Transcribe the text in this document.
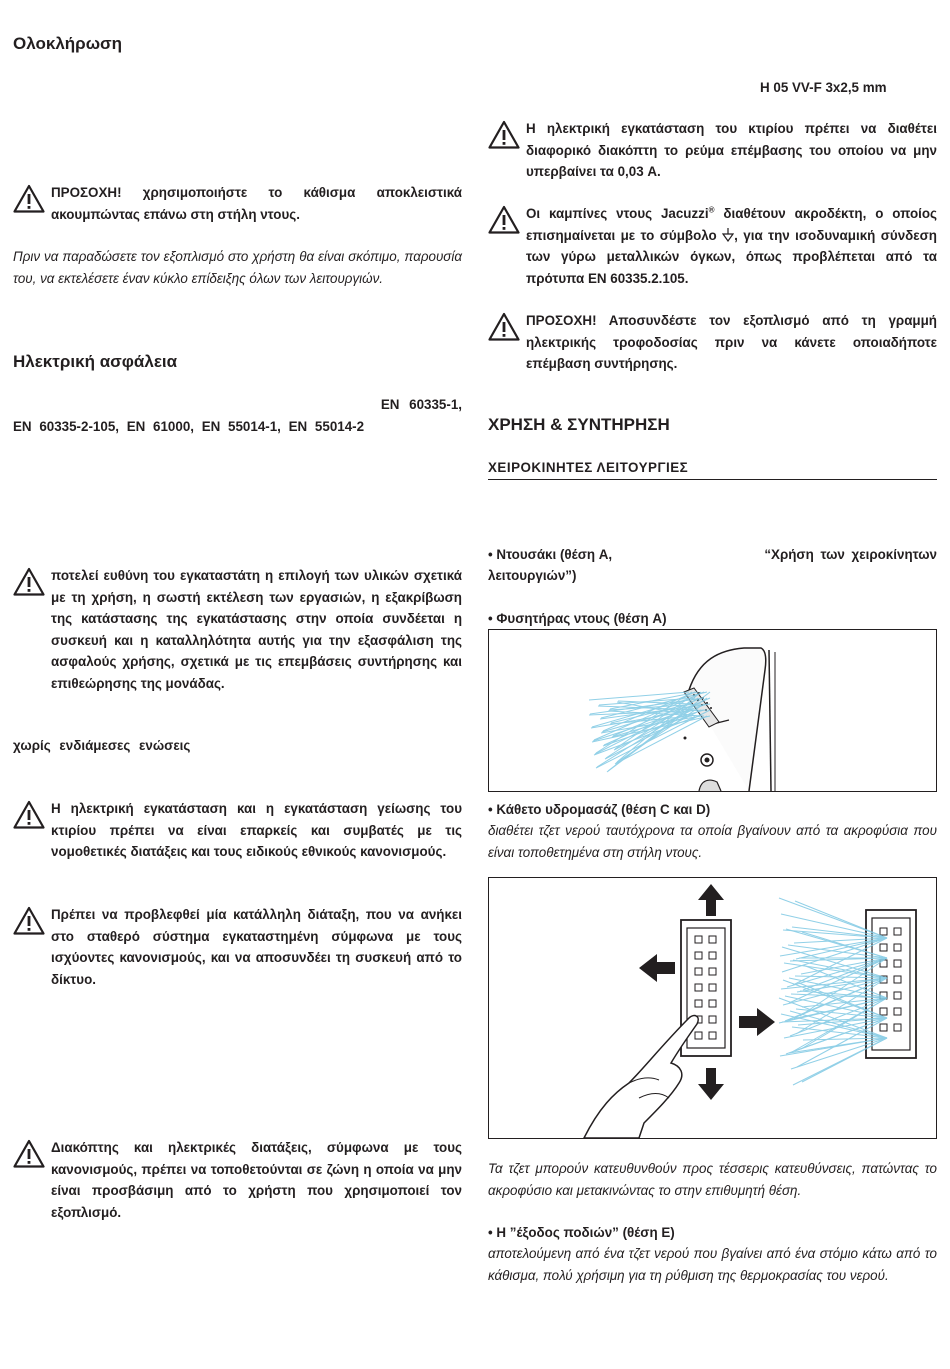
Ολοκλήρωση
ΠΡΟΣΟΧΗ! χρησιμοποιήστε το κάθισμα αποκλειστικά ακουμπώντας επάνω στη στήλη ντους.
Πριν να παραδώσετε τον εξοπλισμό στο χρήστη θα είναι σκόπιμο, παρουσία του, να εκτελέσετε έναν κύκλο επίδειξης όλων των λειτουργιών.
Ηλεκτρική ασφάλεια
EN 60335-1,
EN 60335-2-105, EN 61000, EN 55014-1, EN 55014-2
ποτελεί ευθύνη του εγκαταστάτη η επιλογή των υλικών σχετικά με τη χρήση, η σωστή εκτέλεση των εργασιών, η εξακρίβωση της κατάστασης της εγκατάστασης στην οποία συνδέεται η συσκευή και η καταλληλότητα αυτής για την εξασφάλιση της ασφαλούς χρήσης, σχετικά με τις επεμβάσεις συντήρησης και επιθεώρησης της μονάδας.
χωρίς ενδιάμεσες ενώσεις
Η ηλεκτρική εγκατάσταση και η εγκατάσταση γείωσης του κτιρίου πρέπει να είναι επαρκείς και συμβατές με τις νομοθετικές διατάξεις και τους ειδικούς εθνικούς κανονισμούς.
Πρέπει να προβλεφθεί μία κατάλληλη διάταξη, που να ανήκει στο σταθερό σύστημα εγκαταστημένη σύμφωνα με τους ισχύοντες κανονισμούς, και να αποσυνδέει τη συσκευή από το δίκτυο.
Διακόπτης και ηλεκτρικές διατάξεις, σύμφωνα με τους κανονισμούς, πρέπει να τοποθετούνται σε ζώνη η οποία να μην είναι προσβάσιμη από το χρήστη που χρησιμοποιεί τον εξοπλισμό.
H 05 VV-F 3x2,5 mm
Η ηλεκτρική εγκατάσταση του κτιρίου πρέπει να διαθέτει διαφορικό διακόπτη το ρεύμα επέμβασης του οποίου να μην υπερβαίνει τα 0,03 A.
Οι καμπίνες ντους Jacuzzi® διαθέτουν ακροδέκτη, ο οποίος επισημαίνεται με το σύμβολο , για την ισοδυναμική σύνδεση των γύρω μεταλλικών όγκων, όπως προβλέπεται από τα πρότυπα EN 60335.2.105.
ΠΡΟΣΟΧΗ! Αποσυνδέστε τον εξοπλισμό από τη γραμμή ηλεκτρικής τροφοδοσίας πριν να κάνετε οποιαδήποτε επέμβαση συντήρησης.
ΧΡΗΣΗ & ΣΥΝΤΗΡΗΣΗ
ΧΕΙΡΟΚΙΝΗΤΕΣ ΛΕΙΤΟΥΡΓΙΕΣ
• Ντουσάκι (θέση A,	“Χρήση των χειροκίνητων
λειτουργιών”)
• Φυσητήρας ντους (θέση A)
• Κάθετο υδρομασάζ (θέση C και D)
διαθέτει τζετ νερού ταυτόχρονα τα οποία βγαίνουν από τα ακροφύσια που είναι τοποθετημένα στη στήλη ντους.
Τα τζετ μπορούν κατευθυνθούν προς τέσσερις κατευθύνσεις, πατώντας το ακροφύσιο και μετακινώντας το στην επιθυμητή θέση.
• Η ”έξοδος ποδιών” (θέση E)
αποτελούμενη από ένα τζετ νερού που βγαίνει από ένα στόμιο κάτω από το κάθισμα, πολύ χρήσιμη για τη ρύθμιση της θερμοκρασίας του νερού.
